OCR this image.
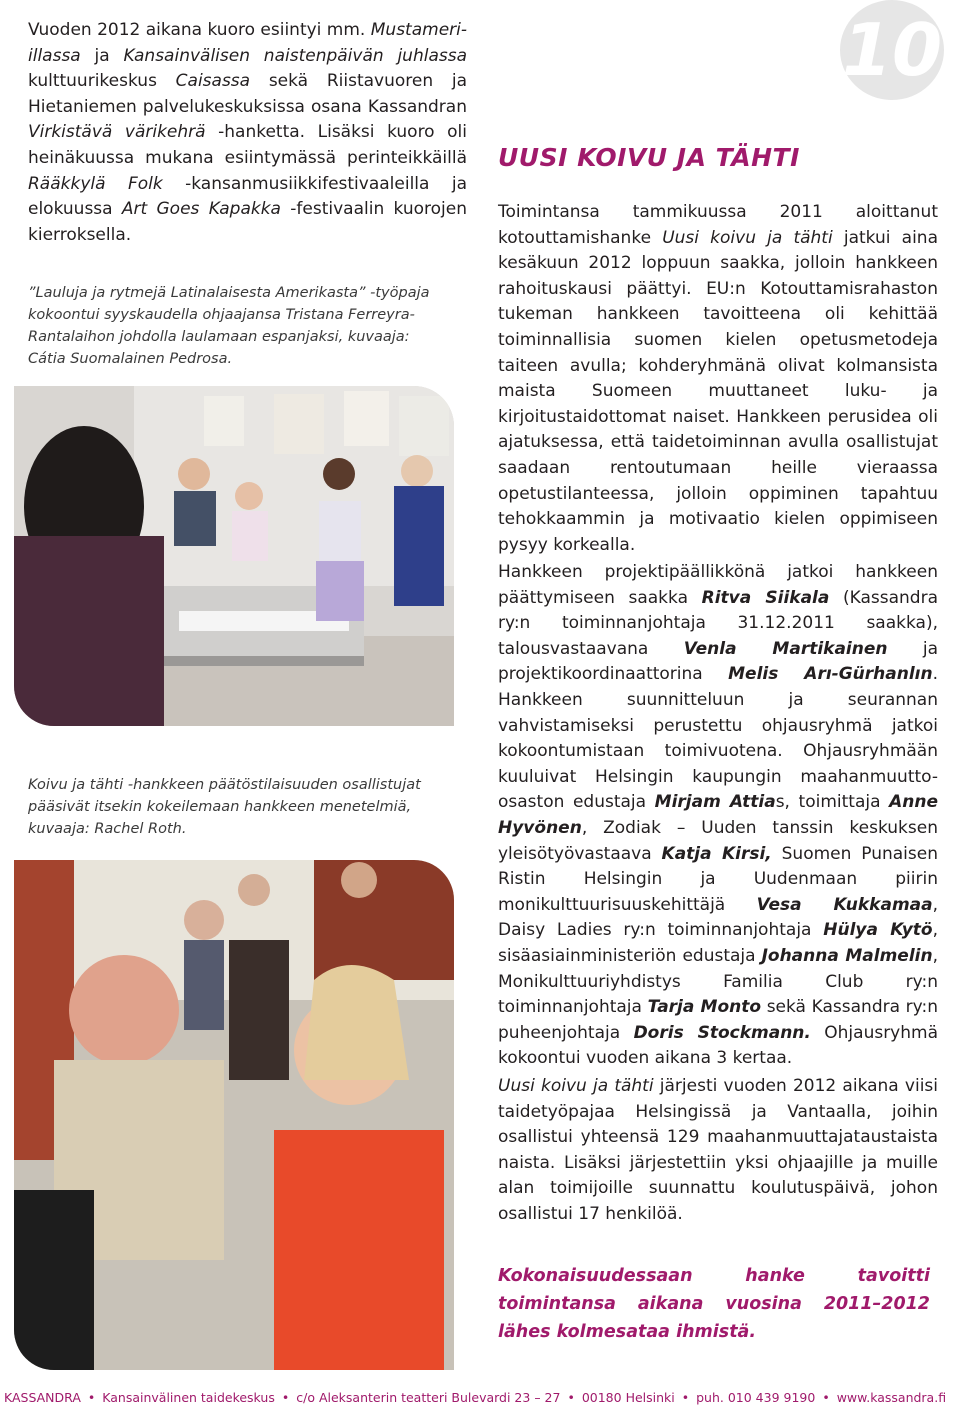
10

Vuoden 2012 aikana kuoro esiintyi mm. Mustameri-illassa ja Kansainvälisen naistenpäivän juhlassa kulttuurikeskus Caisassa sekä Riistavuoren ja Hietaniemen palvelukeskuksissa osana Kassandran Virkistävä värikehrä -hanketta. Lisäksi kuoro oli heinäkuussa mukana esiintymässä perinteikkäillä Rääkkylä Folk -kansanmusiikkifestivaaleilla ja elokuussa Art Goes Kapakka -festivaalin kuorojen kierroksella.

”Lauluja ja rytmejä Latinalaisesta Amerikasta” -työpaja kokoontui syyskaudella ohjaajansa Tristana Ferreyra-Rantalaihon johdolla laulamaan espanjaksi, kuvaaja: Cátia Suomalainen Pedrosa.

Koivu ja tähti -hankkeen päätöstilaisuuden osallistujat pääsivät itsekin kokeilemaan hankkeen menetelmiä, kuvaaja: Rachel Roth.

UUSI KOIVU JA TÄHTI

Toimintansa tammikuussa 2011 aloittanut kotouttamishanke Uusi koivu ja tähti jatkui aina kesäkuun 2012 loppuun saakka, jolloin hankkeen rahoituskausi päättyi. EU:n Kotouttamisrahaston tukeman hankkeen tavoitteena oli kehittää toiminnallisia suomen kielen opetusmetodeja taiteen avulla; kohderyhmänä olivat kolmansista maista Suomeen muuttaneet luku- ja kirjoitustaidottomat naiset. Hankkeen perusidea oli ajatuksessa, että taidetoiminnan avulla osallistujat saadaan rentoutumaan heille vieraassa opetustilanteessa, jolloin oppiminen tapahtuu tehokkaammin ja motivaatio kielen oppimiseen pysyy korkealla.

Hankkeen projektipäällikkönä jatkoi hankkeen päättymiseen saakka Ritva Siikala (Kassandra ry:n toiminnanjohtaja 31.12.2011 saakka), talousvastaavana Venla Martikainen ja projektikoordinaattorina Melis Arı-Gürhanlın. Hankkeen suunnitteluun ja seurannan vahvistamiseksi perustettu ohjausryhmä jatkoi kokoontumistaan toimivuotena. Ohjausryhmään kuuluivat Helsingin kaupungin maahanmuutto-osaston edustaja Mirjam Attias, toimittaja Anne Hyvönen, Zodiak – Uuden tanssin keskuksen yleisötyövastaava Katja Kirsi, Suomen Punaisen Ristin Helsingin ja Uudenmaan piirin monikulttuurisuuskehittäjä Vesa Kukkamaa, Daisy Ladies ry:n toiminnanjohtaja Hülya Kytö, sisäasiainministeriön edustaja Johanna Malmelin, Monikulttuuriyhdistys Familia Club ry:n toiminnanjohtaja Tarja Monto sekä Kassandra ry:n puheenjohtaja Doris Stockmann. Ohjausryhmä kokoontui vuoden aikana 3 kertaa.

Uusi koivu ja tähti järjesti vuoden 2012 aikana viisi taidetyöpajaa Helsingissä ja Vantaalla, joihin osallistui yhteensä 129 maahanmuuttajataustaista naista. Lisäksi järjestettiin yksi ohjaajille ja muille alan toimijoille suunnattu koulutuspäivä, johon osallistui 17 henkilöä.

Kokonaisuudessaan hanke tavoitti toimintansa aikana vuosina 2011–2012 lähes kolmesataa ihmistä.

KASSANDRA • Kansainvälinen taidekeskus • c/o Aleksanterin teatteri Bulevardi 23 – 27 • 00180 Helsinki • puh. 010 439 9190 • www.kassandra.fi
